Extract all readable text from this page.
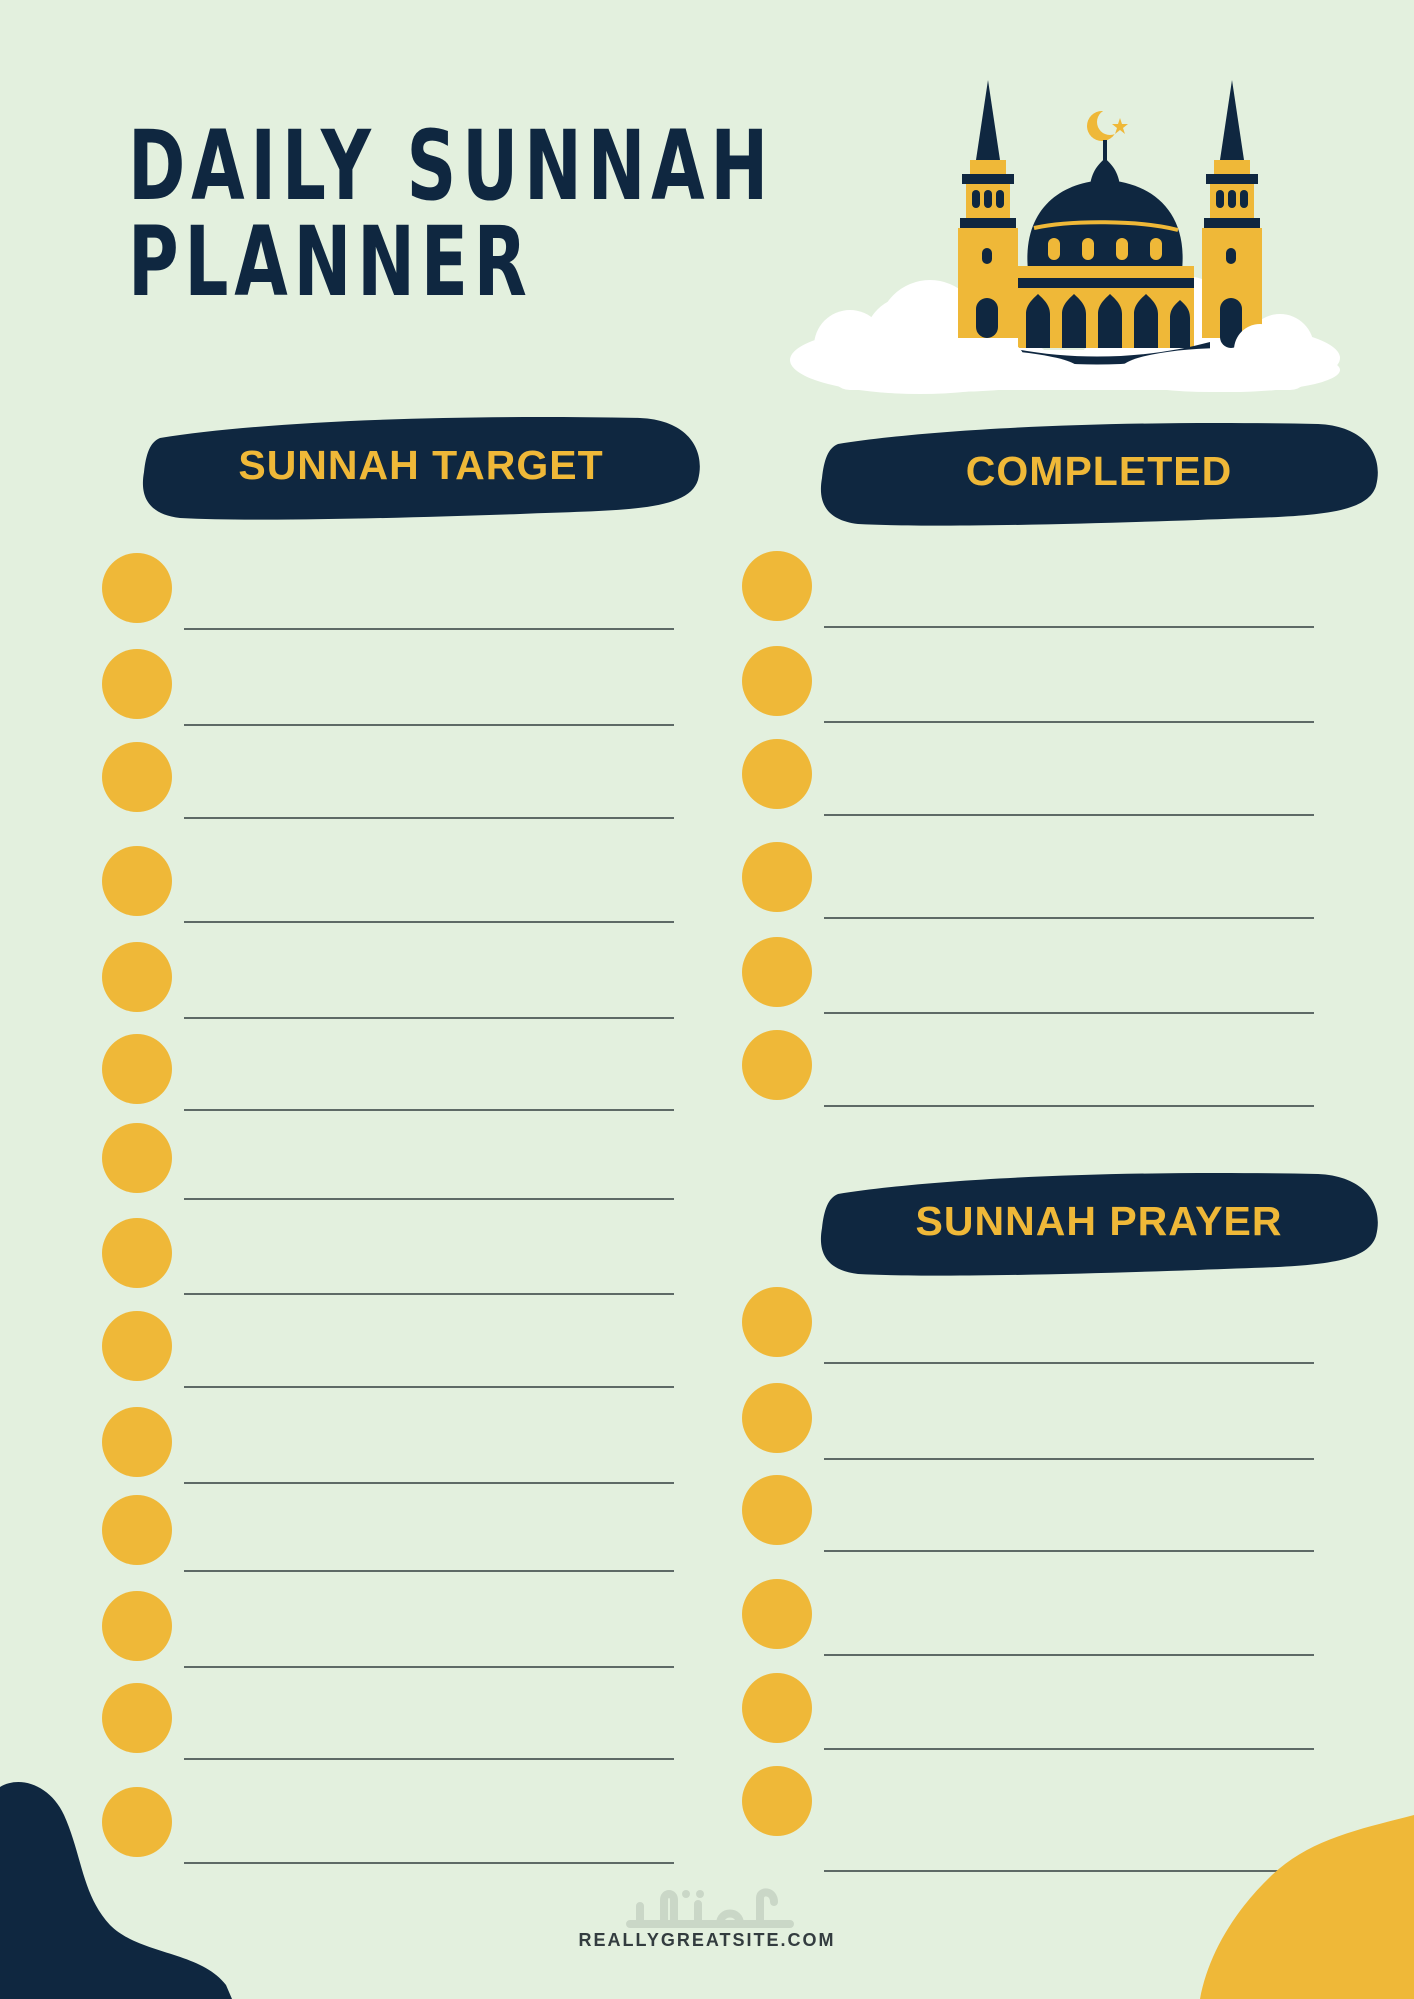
DAILY SUNNAH
PLANNER
SUNNAH TARGET	COMPLETED
SUNNAH PRAYER
REALLYGREATSITE.COM
